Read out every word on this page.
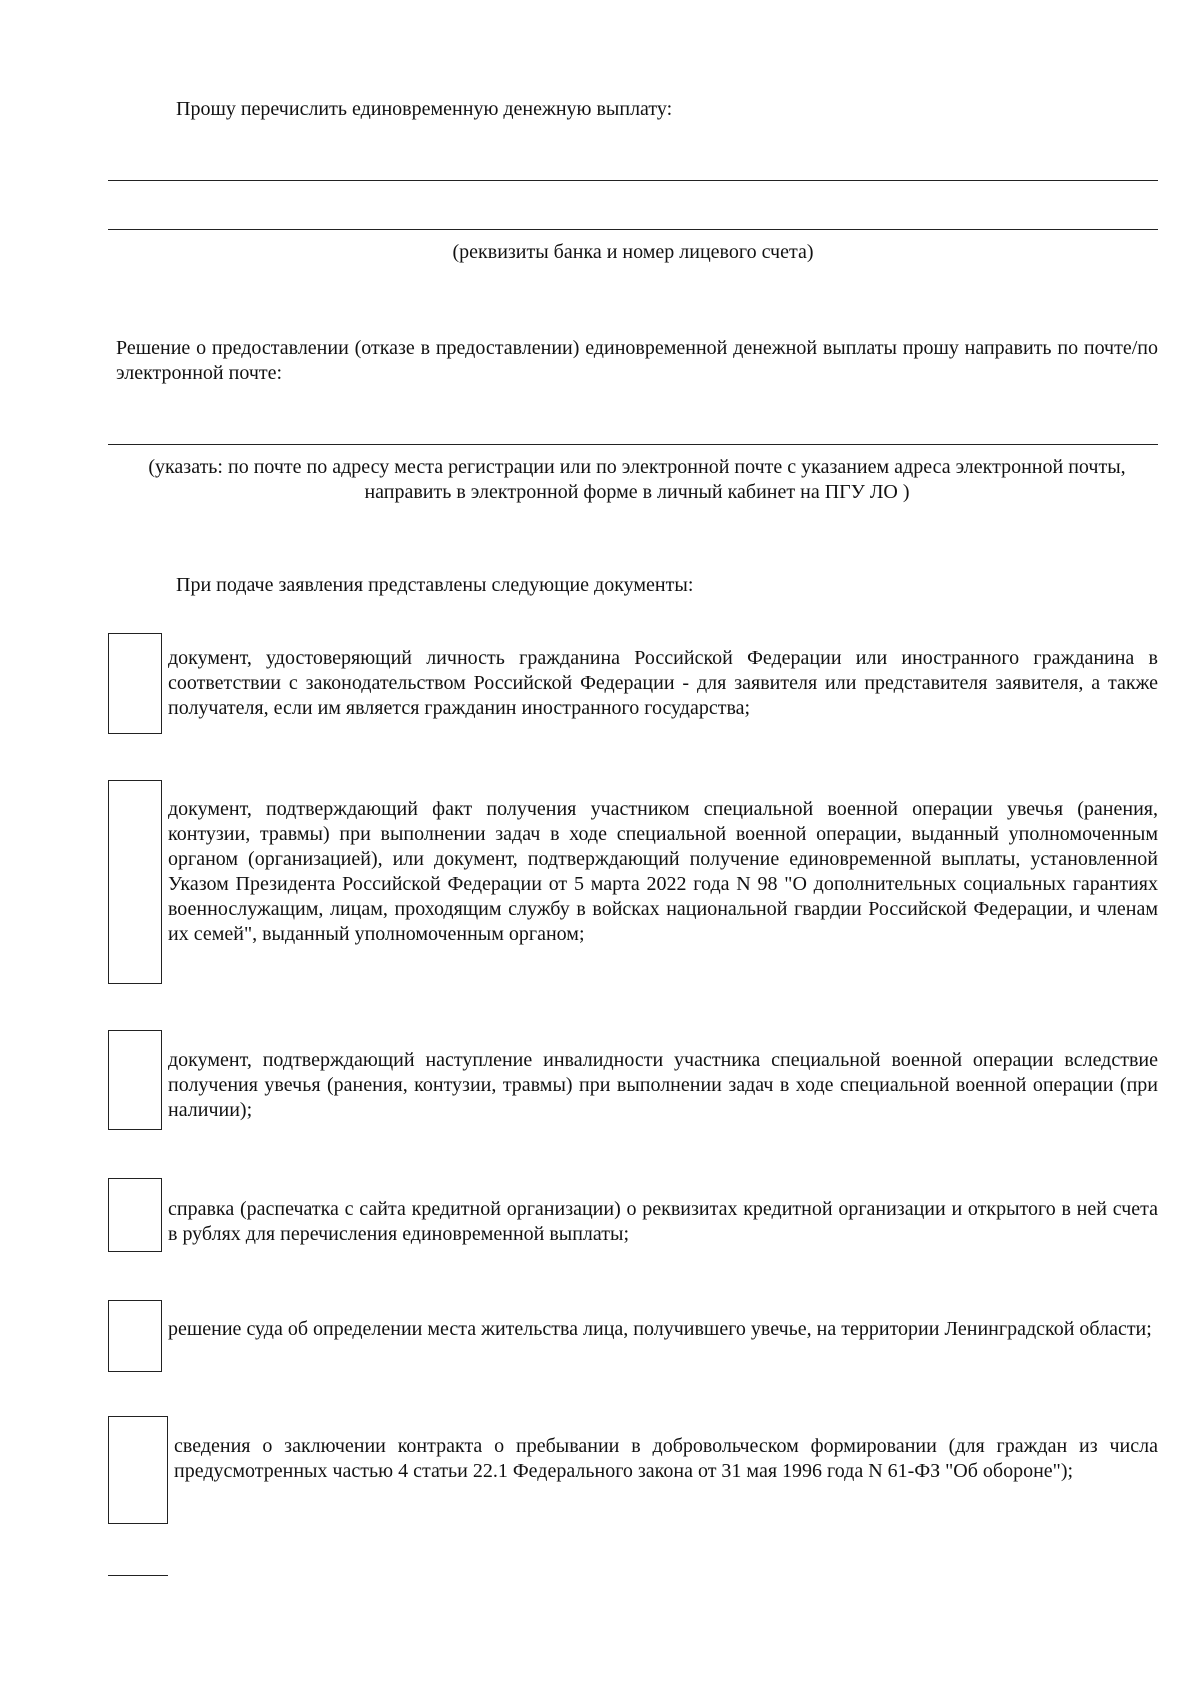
Прошу перечислить единовременную денежную выплату:
(реквизиты банка и номер лицевого счета)
Решение о предоставлении (отказе в предоставлении) единовременной денежной выплаты прошу направить по почте/по электронной почте:
(указать: по почте по адресу места регистрации или по электронной почте с указанием адреса электронной почты, направить в электронной форме в личный кабинет на ПГУ ЛО )
При подаче заявления представлены следующие документы:
документ, удостоверяющий личность гражданина Российской Федерации или иностранного гражданина в соответствии с законодательством Российской Федерации - для заявителя или представителя заявителя, а также получателя, если им является гражданин иностранного государства;
документ, подтверждающий факт получения участником специальной военной операции увечья (ранения, контузии, травмы) при выполнении задач в ходе специальной военной операции, выданный уполномоченным органом (организацией), или документ, подтверждающий получение единовременной выплаты, установленной Указом Президента Российской Федерации от 5 марта 2022 года N 98 "О дополнительных социальных гарантиях военнослужащим, лицам, проходящим службу в войсках национальной гвардии Российской Федерации, и членам их семей", выданный уполномоченным органом;
документ, подтверждающий наступление инвалидности участника специальной военной операции вследствие получения увечья (ранения, контузии, травмы) при выполнении задач в ходе специальной военной операции (при наличии);
справка (распечатка с сайта кредитной организации) о реквизитах кредитной организации и открытого в ней счета в рублях для перечисления единовременной выплаты;
решение суда об определении места жительства лица, получившего увечье, на территории Ленинградской области;
сведения о заключении контракта о пребывании в добровольческом формировании (для граждан из числа предусмотренных частью 4 статьи 22.1 Федерального закона от 31 мая 1996 года N 61-ФЗ "Об обороне");
